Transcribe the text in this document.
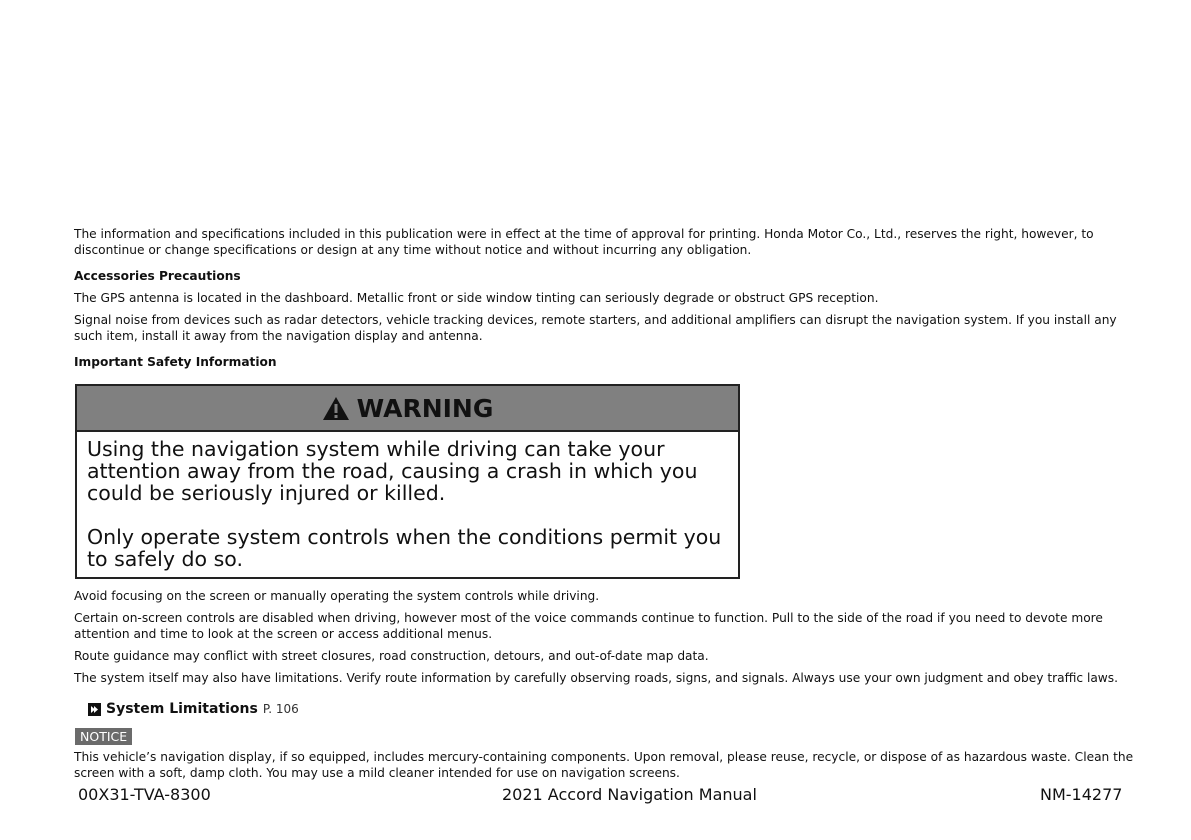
The information and specifications included in this publication were in effect at the time of approval for printing. Honda Motor Co., Ltd., reserves the right, however, to discontinue or change specifications or design at any time without notice and without incurring any obligation.

Accessories Precautions

The GPS antenna is located in the dashboard. Metallic front or side window tinting can seriously degrade or obstruct GPS reception.

Signal noise from devices such as radar detectors, vehicle tracking devices, remote starters, and additional amplifiers can disrupt the navigation system. If you install any such item, install it away from the navigation display and antenna.

Important Safety Information

WARNING

Using the navigation system while driving can take your attention away from the road, causing a crash in which you could be seriously injured or killed.

Only operate system controls when the conditions permit you to safely do so.

Avoid focusing on the screen or manually operating the system controls while driving.

Certain on-screen controls are disabled when driving, however most of the voice commands continue to function. Pull to the side of the road if you need to devote more attention and time to look at the screen or access additional menus.

Route guidance may conflict with street closures, road construction, detours, and out-of-date map data.

The system itself may also have limitations. Verify route information by carefully observing roads, signs, and signals. Always use your own judgment and obey traffic laws.

System Limitations P. 106
NOTICE

This vehicle’s navigation display, if so equipped, includes mercury-containing components. Upon removal, please reuse, recycle, or dispose of as hazardous waste. Clean the screen with a soft, damp cloth. You may use a mild cleaner intended for use on navigation screens.

00X31-TVA-8300	2021 Accord Navigation Manual	NM-14277
